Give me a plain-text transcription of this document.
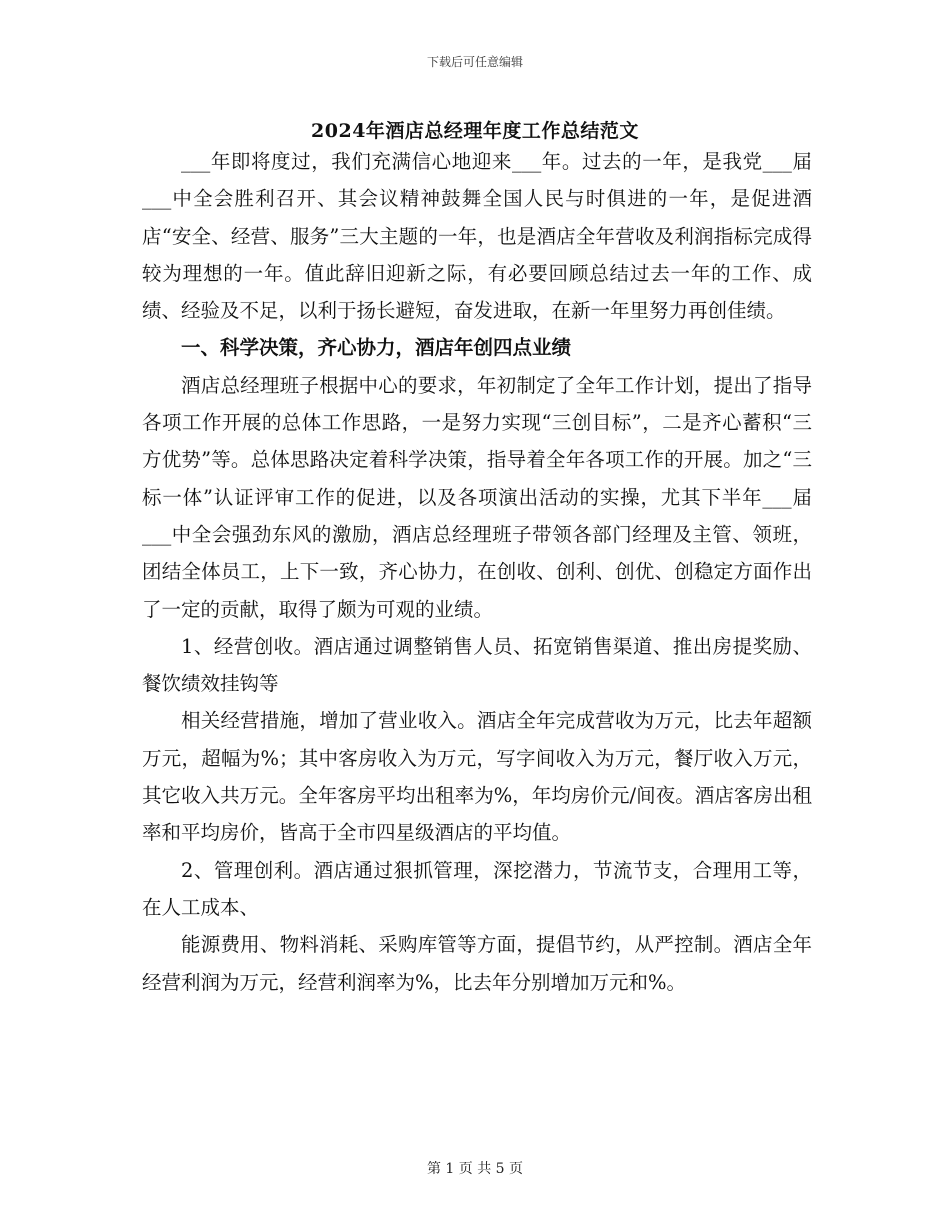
下载后可任意编辑
2024年酒店总经理年度工作总结范文

___年即将度过，我们充满信心地迎来___年。过去的一年，是我党___届___中全会胜利召开、其会议精神鼓舞全国人民与时俱进的一年，是促进酒店“安全、经营、服务”三大主题的一年，也是酒店全年营收及利润指标完成得较为理想的一年。值此辞旧迎新之际，有必要回顾总结过去一年的工作、成绩、经验及不足，以利于扬长避短，奋发进取，在新一年里努力再创佳绩。

一、科学决策，齐心协力，酒店年创四点业绩

酒店总经理班子根据中心的要求，年初制定了全年工作计划，提出了指导各项工作开展的总体工作思路，一是努力实现“三创目标”，二是齐心蓄积“三方优势”等。总体思路决定着科学决策，指导着全年各项工作的开展。加之“三标一体”认证评审工作的促进，以及各项演出活动的实操，尤其下半年___届___中全会强劲东风的激励，酒店总经理班子带领各部门经理及主管、领班，团结全体员工，上下一致，齐心协力，在创收、创利、创优、创稳定方面作出了一定的贡献，取得了颇为可观的业绩。

1、经营创收。酒店通过调整销售人员、拓宽销售渠道、推出房提奖励、餐饮绩效挂钩等

相关经营措施，增加了营业收入。酒店全年完成营收为万元，比去年超额万元，超幅为%；其中客房收入为万元，写字间收入为万元，餐厅收入万元，其它收入共万元。全年客房平均出租率为%，年均房价元/间夜。酒店客房出租率和平均房价，皆高于全市四星级酒店的平均值。

2、管理创利。酒店通过狠抓管理，深挖潜力，节流节支，合理用工等，在人工成本、

能源费用、物料消耗、采购库管等方面，提倡节约，从严控制。酒店全年经营利润为万元，经营利润率为%，比去年分别增加万元和%。

第 1 页 共 5 页
